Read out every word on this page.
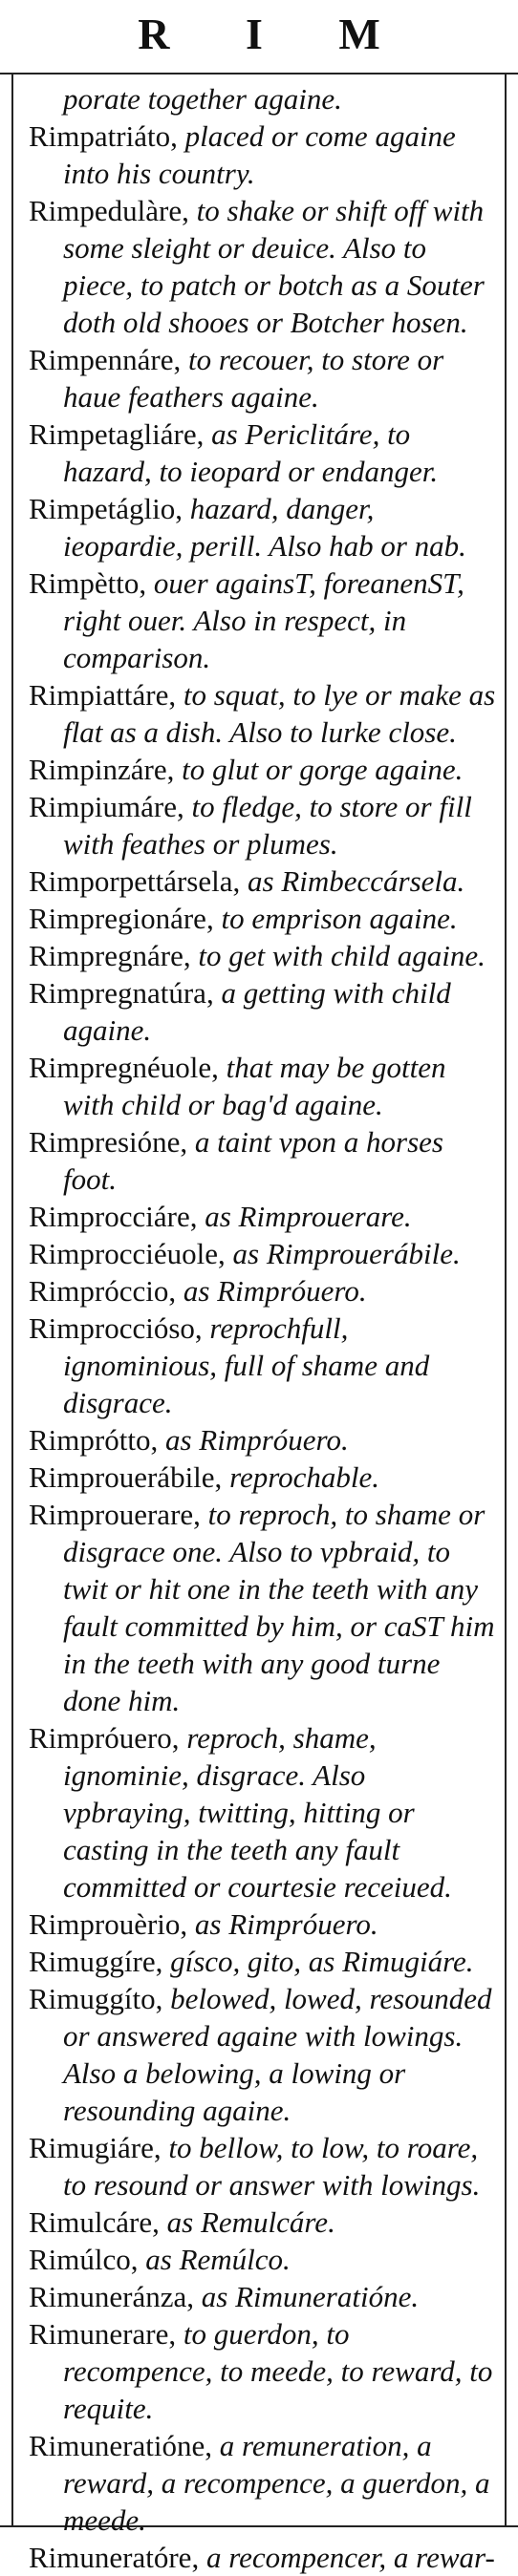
R I M

porate together againe.

Rimpatriáto, placed or come againe into his country.

Rimpedulàre, to shake or shift off with some sleight or deuice. Also to piece, to patch or botch as a Souter doth old shooes or Botcher hosen.

Rimpennáre, to recouer, to store or haue feathers againe.

Rimpetagliáre, as Periclitáre, to hazard, to ieopard or endanger.

Rimpetáglio, hazard, danger, ieopardie, perill. Also hab or nab.

Rimpètto, ouer againsT, foreanenST, right ouer. Also in respect, in comparison.

Rimpiattáre, to squat, to lye or make as flat as a dish. Also to lurke close.

Rimpinzáre, to glut or gorge againe.

Rimpiumáre, to fledge, to store or fill with feathes or plumes.

Rimporpettársela, as Rimbeccársela.

Rimpregionáre, to emprison againe.

Rimpregnáre, to get with child againe.

Rimpregnatúra, a getting with child againe.

Rimpregnéuole, that may be gotten with child or bag'd againe.

Rimpresióne, a taint vpon a horses foot.

Rimprocciáre, as Rimprouerare.

Rimprocciéuole, as Rimprouerábile.

Rimpróccio, as Rimpróuero.

Rimproccióso, reprochfull, ignominious, full of shame and disgrace.

Rimprótto, as Rimpróuero.

Rimprouerábile, reprochable.

Rimprouerare, to reproch, to shame or disgrace one. Also to vpbraid, to twit or hit one in the teeth with any fault committed by him, or caST him in the teeth with any good turne done him.

Rimpróuero, reproch, shame, ignominie, disgrace. Also vpbraying, twitting, hitting or casting in the teeth any fault committed or courtesie receiued.

Rimprouèrio, as Rimpróuero.

Rimuggíre, gísco, gito, as Rimugiáre.

Rimuggíto, belowed, lowed, resounded or answered againe with lowings. Also a belowing, a lowing or resounding againe.

Rimugiáre, to bellow, to low, to roare, to resound or answer with lowings.

Rimulcáre, as Remulcáre.

Rimúlco, as Remúlco.

Rimuneránza, as Rimuneratióne.

Rimunerare, to guerdon, to recompence, to meede, to reward, to requite.

Rimuneratióne, a remuneration, a reward, a recompence, a guerdon, a meede.

Rimuneratóre, a recompencer, a rewar-
